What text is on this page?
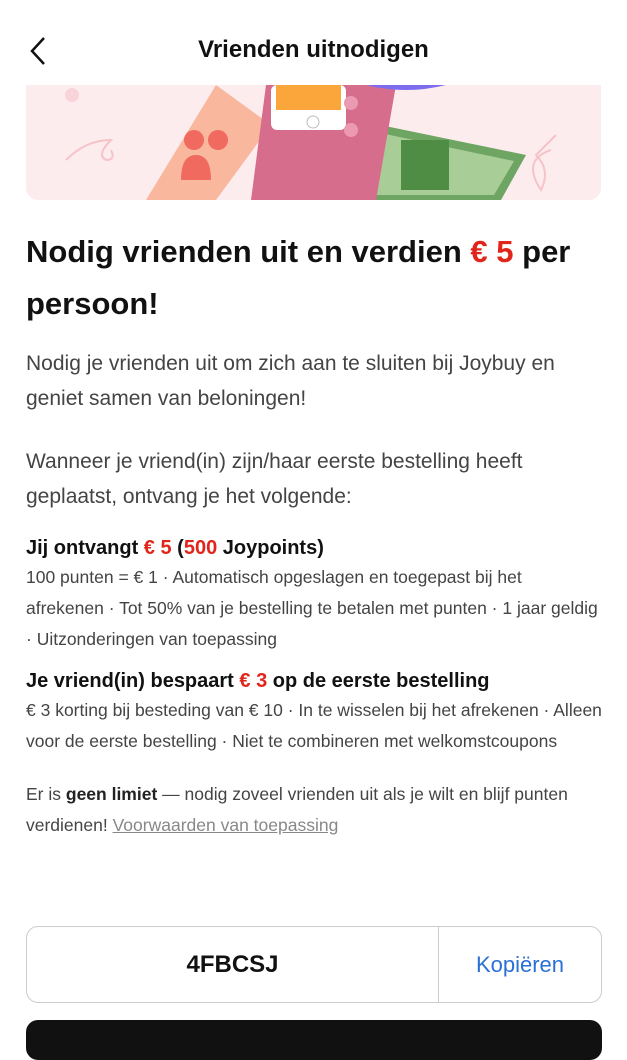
Vrienden uitnodigen
Nodig vrienden uit en verdien € 5 per persoon!

Nodig je vrienden uit om zich aan te sluiten bij Joybuy en geniet samen van beloningen!

Wanneer je vriend(in) zijn/haar eerste bestelling heeft geplaatst, ontvang je het volgende:

Jij ontvangt € 5 (500 Joypoints)

100 punten = € 1 · Automatisch opgeslagen en toegepast bij het afrekenen · Tot 50% van je bestelling te betalen met punten · 1 jaar geldig · Uitzonderingen van toepassing

Je vriend(in) bespaart € 3 op de eerste bestelling

€ 3 korting bij besteding van € 10 · In te wisselen bij het afrekenen · Alleen voor de eerste bestelling · Niet te combineren met welkomstcoupons

Er is geen limiet — nodig zoveel vrienden uit als je wilt en blijf punten verdienen! Voorwaarden van toepassing

4FBCSJ	Kopiëren
